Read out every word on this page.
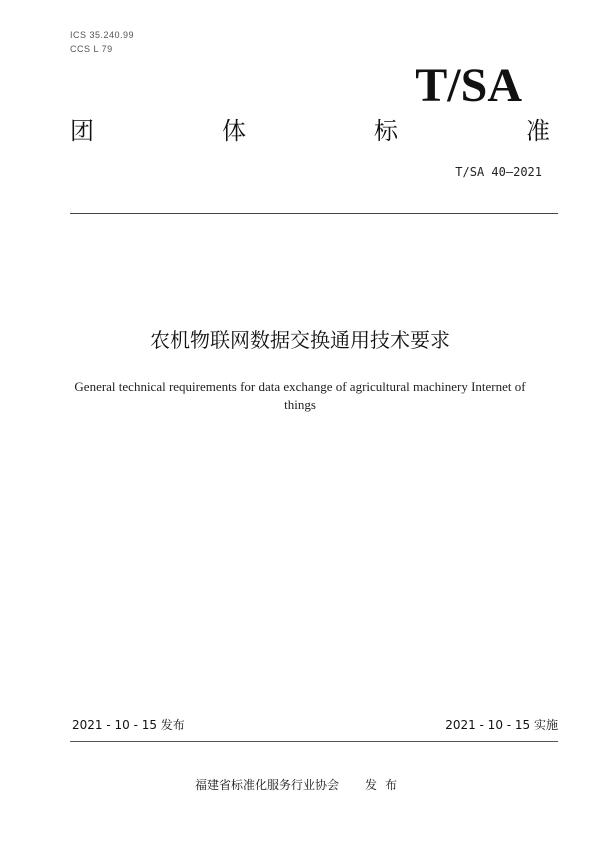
ICS 35.240.99
CCS L 79
T/SA
团	体	标	准
T/SA 40—2021
农机物联网数据交换通用技术要求
General technical requirements for data exchange of agricultural machinery Internet of things
2021 - 10 - 15 发布	2021 - 10 - 15 实施
福建省标准化服务行业协会 发布
